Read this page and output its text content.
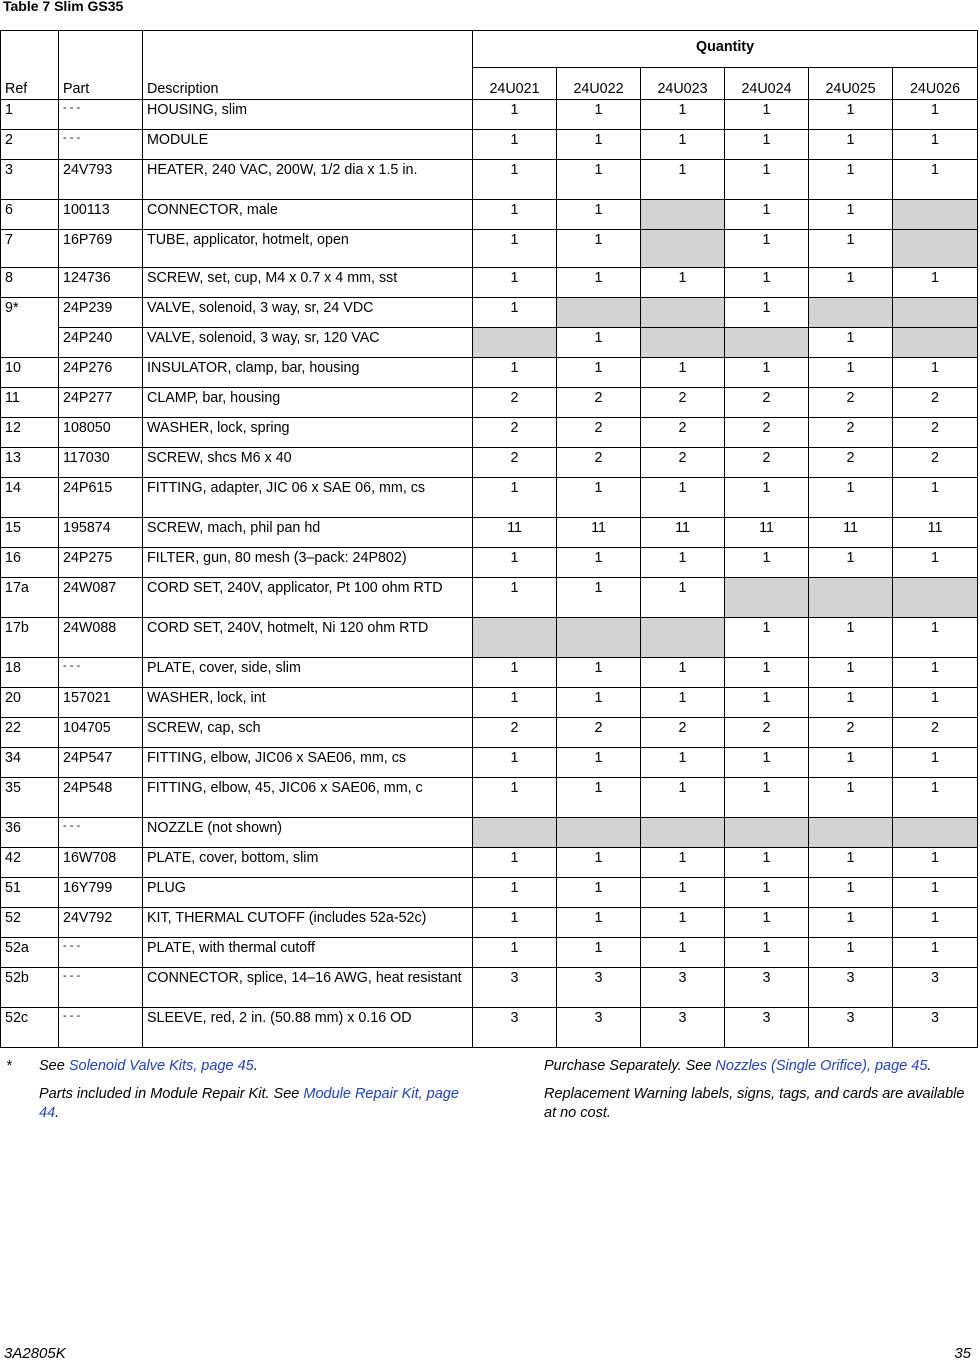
Table 7 Slim GS35
Ref	Part	Description	Quantity					
			24U021	24U022	24U023	24U024	24U025	24U026
1	- - -	HOUSING, slim	1	1	1	1	1	1
2	- - -	MODULE	1	1	1	1	1	1
3	24V793	HEATER, 240 VAC, 200W, 1/2 dia x 1.5 in.	1	1	1	1	1	1
6	100113	CONNECTOR, male	1	1		1	1	
7	16P769	TUBE, applicator, hotmelt, open	1	1		1	1	
8	124736	SCREW, set, cup, M4 x 0.7 x 4 mm, sst	1	1	1	1	1	1
9*	24P239	VALVE, solenoid, 3 way, sr, 24 VDC	1			1		
	24P240	VALVE, solenoid, 3 way, sr, 120 VAC		1			1	
10	24P276	INSULATOR, clamp, bar, housing	1	1	1	1	1	1
11	24P277	CLAMP, bar, housing	2	2	2	2	2	2
12	108050	WASHER, lock, spring	2	2	2	2	2	2
13	117030	SCREW, shcs M6 x 40	2	2	2	2	2	2
14	24P615	FITTING, adapter, JIC 06 x SAE 06, mm, cs	1	1	1	1	1	1
15	195874	SCREW, mach, phil pan hd	11	11	11	11	11	11
16	24P275	FILTER, gun, 80 mesh (3–pack: 24P802)	1	1	1	1	1	1
17a	24W087	CORD SET, 240V, applicator, Pt 100 ohm RTD	1	1	1			
17b	24W088	CORD SET, 240V, hotmelt, Ni 120 ohm RTD				1	1	1
18	- - -	PLATE, cover, side, slim	1	1	1	1	1	1
20	157021	WASHER, lock, int	1	1	1	1	1	1
22	104705	SCREW, cap, sch	2	2	2	2	2	2
34	24P547	FITTING, elbow, JIC06 x SAE06, mm, cs	1	1	1	1	1	1
35	24P548	FITTING, elbow, 45, JIC06 x SAE06, mm, c	1	1	1	1	1	1
36	- - -	NOZZLE (not shown)						
42	16W708	PLATE, cover, bottom, slim	1	1	1	1	1	1
51	16Y799	PLUG	1	1	1	1	1	1
52	24V792	KIT, THERMAL CUTOFF (includes 52a-52c)	1	1	1	1	1	1
52a	- - -	PLATE, with thermal cutoff	1	1	1	1	1	1
52b	- - -	CONNECTOR, splice, 14–16 AWG, heat resistant	3	3	3	3	3	3
52c	- - -	SLEEVE, red, 2 in. (50.88 mm) x 0.16 OD	3	3	3	3	3	3

* See Solenoid Valve Kits, page 45.

Parts included in Module Repair Kit. See Module Repair Kit, page 44.

Purchase Separately. See Nozzles (Single Orifice), page 45.

Replacement Warning labels, signs, tags, and cards are available at no cost.

3A2805K	35
